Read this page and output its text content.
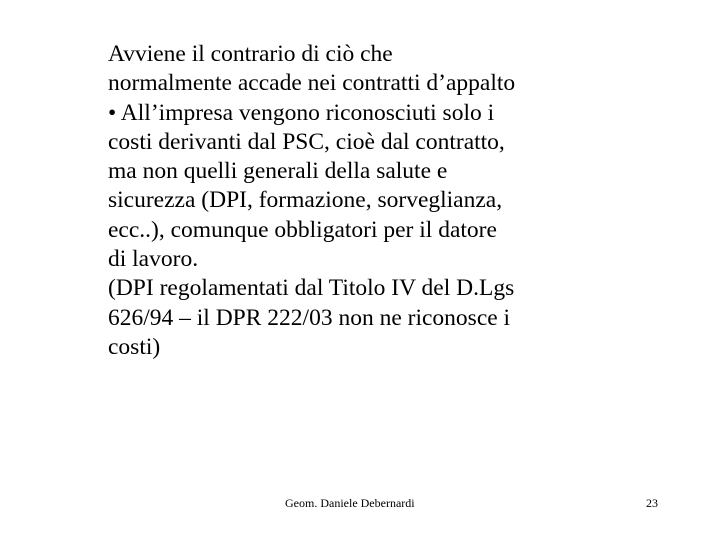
Avviene il contrario di ciò che
normalmente accade nei contratti d’appalto
• All’impresa vengono riconosciuti solo i
costi derivanti dal PSC, cioè dal contratto,
ma non quelli generali della salute e
sicurezza (DPI, formazione, sorveglianza,
ecc..), comunque obbligatori per il datore
di lavoro.
(DPI regolamentati dal Titolo IV del D.Lgs
626/94 – il DPR 222/03 non ne riconosce i
costi)
Geom. Daniele Debernardi	23
